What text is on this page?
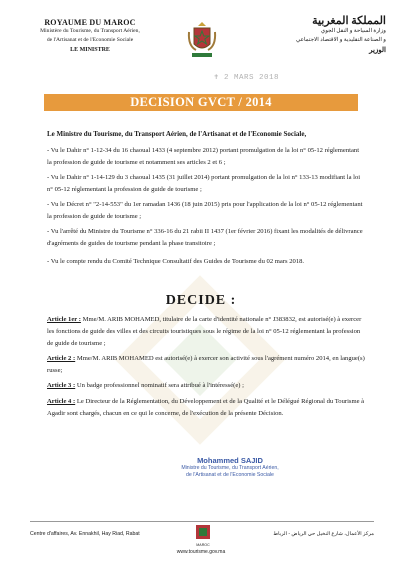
ROYAUME DU MAROC
Ministère du Tourisme, du Transport Aérien,
de l'Artisanat et de l'Economie Sociale
LE MINISTRE
المملكة المغربية
وزارة السياحة و النقل الجوي
و الصناعة التقليدية و الاقتصاد الاجتماعي
الوزير
✝ 2 MARS 2018
DECISION GVCT / 2014
Le Ministre du Tourisme, du Transport Aérien, de l'Artisanat et de l'Economie Sociale,
- Vu le Dahir n° 1-12-34 du 16 chaoual 1433 (4 septembre 2012) portant promulgation de la loi n° 05-12 réglementant la profession de guide de tourisme et notamment ses articles 2 et 6 ;
- Vu le Dahir n° 1-14-129 du 3 chaoual 1435 (31 juillet 2014) portant promulgation de la loi n° 133-13 modifiant la loi n° 05-12 réglementant la profession de guide de tourisme ;
- Vu le Décret n° "2-14-553" du 1er ramadan 1436 (18 juin 2015) pris pour l'application de la loi n° 05-12 réglementant la profession de guide de tourisme ;
- Vu l'arrêté du Ministre du Tourisme n° 336-16 du 21 rabii II 1437 (1er février 2016) fixant les modalités de délivrance d'agréments de guides de tourisme pendant la phase transitoire ;
- Vu le compte rendu du Comité Technique Consultatif des Guides de Tourisme du 02 mars 2018.
DECIDE :
Article 1er : Mme/M. ARIB MOHAMED, titulaire de la carte d'identité nationale n° J383832, est autorisé(e) à exercer les fonctions de guide des villes et des circuits touristiques sous le régime de la loi n° 05-12 réglementant la profession de guide de tourisme ;
Article 2 : Mme/M. ARIB MOHAMED est autorisé(e) à exercer son activité sous l'agrément numéro 2014, en langue(s) russe;
Article 3 : Un badge professionnel nominatif sera attribué à l'intéressé(e) ;
Article 4 : Le Directeur de la Réglementation, du Développement et de la Qualité et le Délégué Régional du Tourisme à Agadir sont chargés, chacun en ce qui le concerne, de l'exécution de la présente Décision.
Mohammed SAJID
Ministre du Tourisme, du Transport Aérien,
de l'Artisanat et de l'Economie Sociale
Centre d'affaires, Av. Ennakhil, Hay Riad, Rabat
MAROC
مركز الأعمال، شارع النخيل حي الرياض - الرباط
www.tourisme.gov.ma
